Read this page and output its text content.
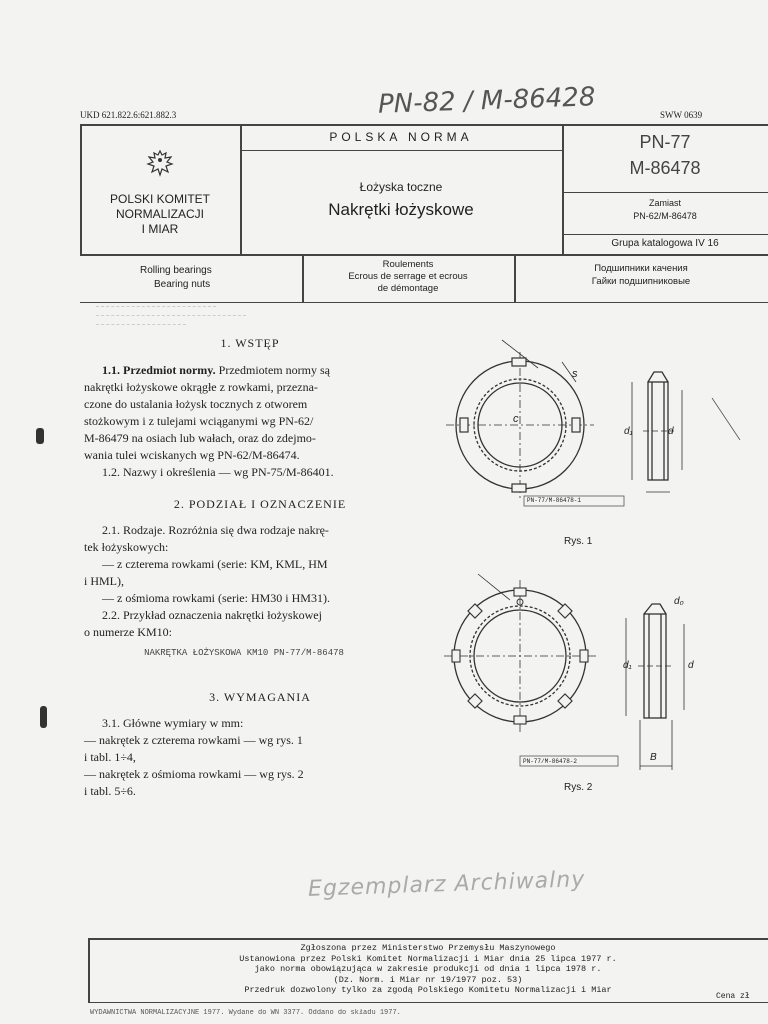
UKD 621.822.6:621.882.3	PN-82 / M-86428	SWW 0639
POLSKI KOMITET
NORMALIZACJI
I MIAR
POLSKA NORMA
Łożyska toczne
Nakrętki łożyskowe
PN-77
M-86478
Zamiast
PN-62/M-86478
Grupa katalogowa IV 16
Rolling bearings
Bearing nuts
Roulements
Ecrous de serrage et ecrous
de démontage
Подшипники качения
Гайки подшипниковые
1. WSTĘP

1.1. Przedmiot normy. Przedmiotem normy są

nakrętki łożyskowe okrągłe z rowkami, przezna-

czone do ustalania łożysk tocznych z otworem

stożkowym i z tulejami wciąganymi wg PN-62/

M-86479 na osiach lub wałach, oraz do zdejmo-

wania tulei wciskanych wg PN-62/M-86474.

1.2. Nazwy i określenia — wg PN-75/M-86401.

2. PODZIAŁ I OZNACZENIE

2.1. Rodzaje. Rozróżnia się dwa rodzaje nakrę-

tek łożyskowych:

— z czterema rowkami (serie: KM, KML, HM

i HML),

— z ośmioma rowkami (serie: HM30 i HM31).

2.2. Przykład oznaczenia nakrętki łożyskowej

o numerze KM10:

NAKRĘTKA ŁOŻYSKOWA KM10 PN-77/M-86478
3. WYMAGANIA

3.1. Główne wymiary w mm:

— nakrętek z czterema rowkami — wg rys. 1

i tabl. 1÷4,

— nakrętek z ośmioma rowkami — wg rys. 2

i tabl. 5÷6.

c
s
d₁	d
PN-77/M-86478-1
Rys. 1
d₁	d
d₀
B
PN-77/M-86478-2
Rys. 2
Egzemplarz Archiwalny
Zgłoszona przez Ministerstwo Przemysłu Maszynowego
Ustanowiona przez Polski Komitet Normalizacji i Miar dnia 25 lipca 1977 r.
jako norma obowiązująca w zakresie produkcji od dnia 1 lipca 1978 r.
(Dz. Norm. i Miar nr 19/1977 poz. 53)
Przedruk dozwolony tylko za zgodą Polskiego Komitetu Normalizacji i Miar
Cena zł
WYDAWNICTWA NORMALIZACYJNE 1977. Wydane do WN 3377. Oddano do składu 1977.
